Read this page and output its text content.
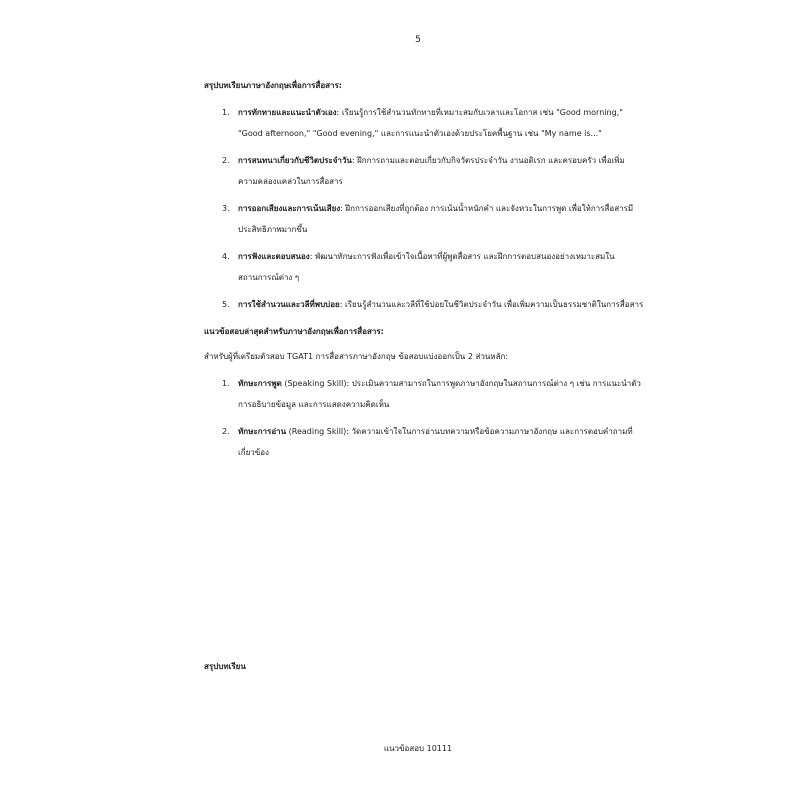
5

สรุปบทเรียนภาษาอังกฤษเพื่อการสื่อสาร:

1. การทักทายและแนะนำตัวเอง: เรียนรู้การใช้สำนวนทักทายที่เหมาะสมกับเวลาและโอกาส เช่น "Good morning," "Good afternoon," "Good evening," และการแนะนำตัวเองด้วยประโยคพื้นฐาน เช่น "My name is..."
2. การสนทนาเกี่ยวกับชีวิตประจำวัน: ฝึกการถามและตอบเกี่ยวกับกิจวัตรประจำวัน งานอดิเรก และครอบครัว เพื่อเพิ่มความคล่องแคล่วในการสื่อสาร
3. การออกเสียงและการเน้นเสียง: ฝึกการออกเสียงที่ถูกต้อง การเน้นน้ำหนักคำ และจังหวะในการพูด เพื่อให้การสื่อสารมีประสิทธิภาพมากขึ้น
4. การฟังและตอบสนอง: พัฒนาทักษะการฟังเพื่อเข้าใจเนื้อหาที่ผู้พูดสื่อสาร และฝึกการตอบสนองอย่างเหมาะสมในสถานการณ์ต่าง ๆ
5. การใช้สำนวนและวลีที่พบบ่อย: เรียนรู้สำนวนและวลีที่ใช้บ่อยในชีวิตประจำวัน เพื่อเพิ่มความเป็นธรรมชาติในการสื่อสาร

แนวข้อสอบล่าสุดสำหรับภาษาอังกฤษเพื่อการสื่อสาร:

สำหรับผู้ที่เตรียมตัวสอบ TGAT1 การสื่อสารภาษาอังกฤษ ข้อสอบแบ่งออกเป็น 2 ส่วนหลัก:

1. ทักษะการพูด (Speaking Skill): ประเมินความสามารถในการพูดภาษาอังกฤษในสถานการณ์ต่าง ๆ เช่น การแนะนำตัว การอธิบายข้อมูล และการแสดงความคิดเห็น
2. ทักษะการอ่าน (Reading Skill): วัดความเข้าใจในการอ่านบทความหรือข้อความภาษาอังกฤษ และการตอบคำถามที่เกี่ยวข้อง
สรุปบทเรียน
แนวข้อสอบ 10111
